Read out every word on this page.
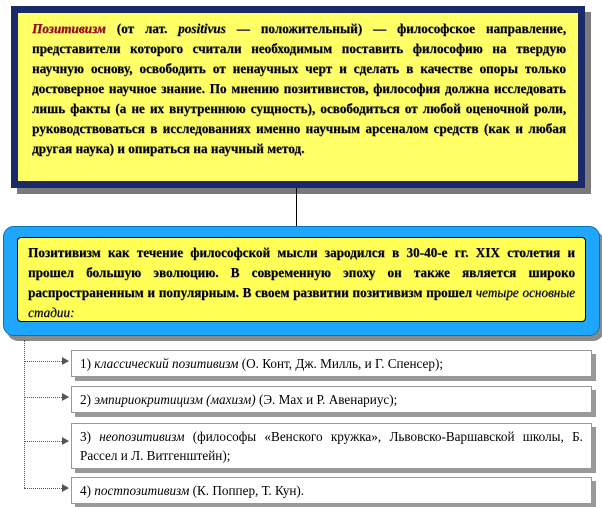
Позитивизм (от лат. positivus — положительный) — философское направление, представители которого считали необходимым поставить философию на твердую научную основу, освободить от ненаучных черт и сделать в качестве опоры только достоверное научное знание. По мнению позитивистов, философия должна исследовать лишь факты (а не их внутреннюю сущность), освободиться от любой оценочной роли, руководствоваться в исследованиях именно научным арсеналом средств (как и любая другая наука) и опираться на научный метод.
Позитивизм как течение философской мысли зародился в 30-40-е гг. XIX столетия и прошел большую эволюцию. В современную эпоху он также является широко распространенным и популярным. В своем развитии позитивизм прошел четыре основные стадии:
1) классический позитивизм (О. Конт, Дж. Милль, и Г. Спенсер);
2) эмпириокритицизм (махизм) (Э. Мах и Р. Авенариус);
3) неопозитивизм (философы «Венского кружка», Львовско-Варшавской школы, Б. Рассел и Л. Витгенштейн);
4) постпозитивизм (К. Поппер, Т. Кун).
